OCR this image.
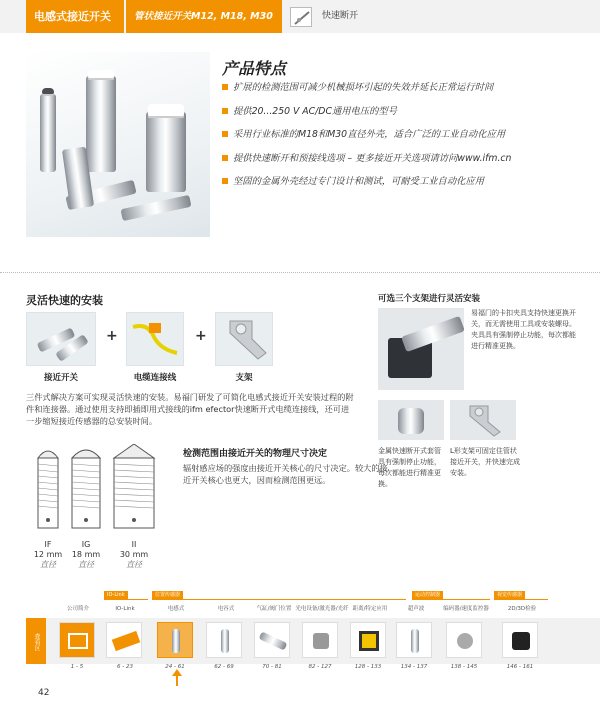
电感式接近开关	管状接近开关M12, M18, M30	快速断开
产品特点
扩展的检测范围可减少机械损坏引起的失效并延长正常运行时间
提供20...250 V AC/DC通用电压的型号
采用行业标准的M18和M30直径外壳，适合广泛的工业自动化应用
提供快速断开和预接线选项 – 更多接近开关选项请访问www.ifm.cn
坚固的金属外壳经过专门设计和测试，可耐受工业自动化应用
灵活快速的安装
+	+
接近开关	电缆连接线	支架
三件式解决方案可实现灵活快速的安装。易福门研发了可简化电感式接近开关安装过程的附件和连接器。通过使用支持即插即用式接线的ifm efector快速断开式电缆连接线，还可进一步缩短接近传感器的总安装时间。
可选三个支架进行灵活安装
易福门的卡扣夹具支持快速更换开关，而无需使用工具或安装螺母。夹具具有强制停止功能，每次都能进行精准更换。
金属快速断开式套管具有强制停止功能，每次都能进行精准更换。
L形支架可固定住管状接近开关，并快速完成安装。
检测范围由接近开关的物理尺寸决定
辐射感应场的强度由接近开关核心的尺寸决定。较大的接近开关核心也更大，因而检测范围更远。
IF
12 mm
直径
IG
18 mm
直径
II
30 mm
直径
IO-Link	位置传感器	运动控制器	视觉传感器
公司简介	IO-Link	电感式	电容式	气缸/阀门位置 光电设备/激光器/光纤 距离/特定应用	超声波	编码器/速度监控器	2D/3D检验
查看区
1 - 5	6 - 23	24 - 61	62 - 69	70 - 81	82 - 127	128 - 133	134 - 137	138 - 145	146 - 161
42
